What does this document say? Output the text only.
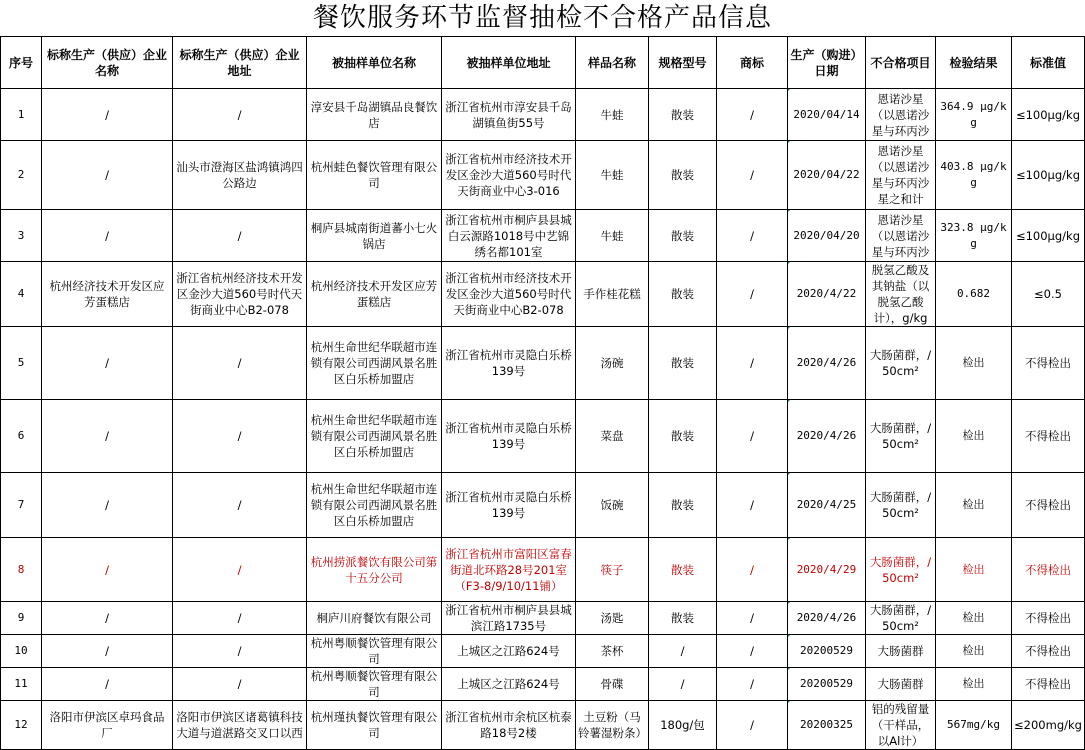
餐饮服务环节监督抽检不合格产品信息
序号	标称生产（供应）企业名称	标称生产（供应）企业地址	被抽样单位名称	被抽样单位地址	样品名称	规格型号	商标	生产（购进）日期	不合格项目	检验结果	标准值
1	/	/	淳安县千岛湖镇品良餐饮店	浙江省杭州市淳安县千岛湖镇鱼街55号	牛蛙	散装	/	2020/04/14	恩诺沙星（以恩诺沙星与环丙沙	364.9 μg/kg	≤100μg/kg
2	/	汕头市澄海区盐鸿镇鸿四公路边	杭州蛙色餐饮管理有限公司	浙江省杭州市经济技术开发区金沙大道560号时代天街商业中心3-016	牛蛙	散装	/	2020/04/22	恩诺沙星（以恩诺沙星与环丙沙星之和计	403.8 μg/kg	≤100μg/kg
3	/	/	桐庐县城南街道蕃小七火锅店	浙江省杭州市桐庐县县城白云源路1018号中艺锦绣名都101室	牛蛙	散装	/	2020/04/20	恩诺沙星（以恩诺沙星与环丙沙	323.8 μg/kg	≤100μg/kg
4	杭州经济技术开发区应芳蛋糕店	浙江省杭州经济技术开发区金沙大道560号时代天街商业中心B2-078	杭州经济技术开发区应芳蛋糕店	浙江省杭州市经济技术开发区金沙大道560号时代天街商业中心B2-078	手作桂花糕	散装	/	2020/4/22	脱氢乙酸及其钠盐（以脱氢乙酸计），g/kg	0.682	≤0.5
5	/	/	杭州生命世纪华联超市连锁有限公司西湖风景名胜区白乐桥加盟店	浙江省杭州市灵隐白乐桥139号	汤碗	散装	/	2020/4/26	大肠菌群，/50cm²	检出	不得检出
6	/	/	杭州生命世纪华联超市连锁有限公司西湖风景名胜区白乐桥加盟店	浙江省杭州市灵隐白乐桥139号	菜盘	散装	/	2020/4/26	大肠菌群，/50cm²	检出	不得检出
7	/	/	杭州生命世纪华联超市连锁有限公司西湖风景名胜区白乐桥加盟店	浙江省杭州市灵隐白乐桥139号	饭碗	散装	/	2020/4/25	大肠菌群，/50cm²	检出	不得检出
8	/	/	杭州捞派餐饮有限公司第十五分公司	浙江省杭州市富阳区富春街道北环路28号201室（F3-8/9/10/11铺）	筷子	散装	/	2020/4/29	大肠菌群，/50cm²	检出	不得检出
9	/	/	桐庐川府餐饮有限公司	浙江省杭州市桐庐县县城滨江路1735号	汤匙	散装	/	2020/4/26	大肠菌群，/50cm²	检出	不得检出
10	/	/	杭州粤顺餐饮管理有限公司	上城区之江路624号	茶杯	/	/	20200529	大肠菌群	检出	不得检出
11	/	/	杭州粤顺餐饮管理有限公司	上城区之江路624号	骨碟	/	/	20200529	大肠菌群	检出	不得检出
12	洛阳市伊滨区卓玛食品厂	洛阳市伊滨区诸葛镇科技大道与道湛路交叉口以西	杭州瑾执餐饮管理有限公司	浙江省杭州市余杭区杭泰路18号2楼	土豆粉（马铃薯湿粉条）	180g/包	/	20200325	铝的残留量（干样品，以Al计）	567mg/kg	≤200mg/kg
